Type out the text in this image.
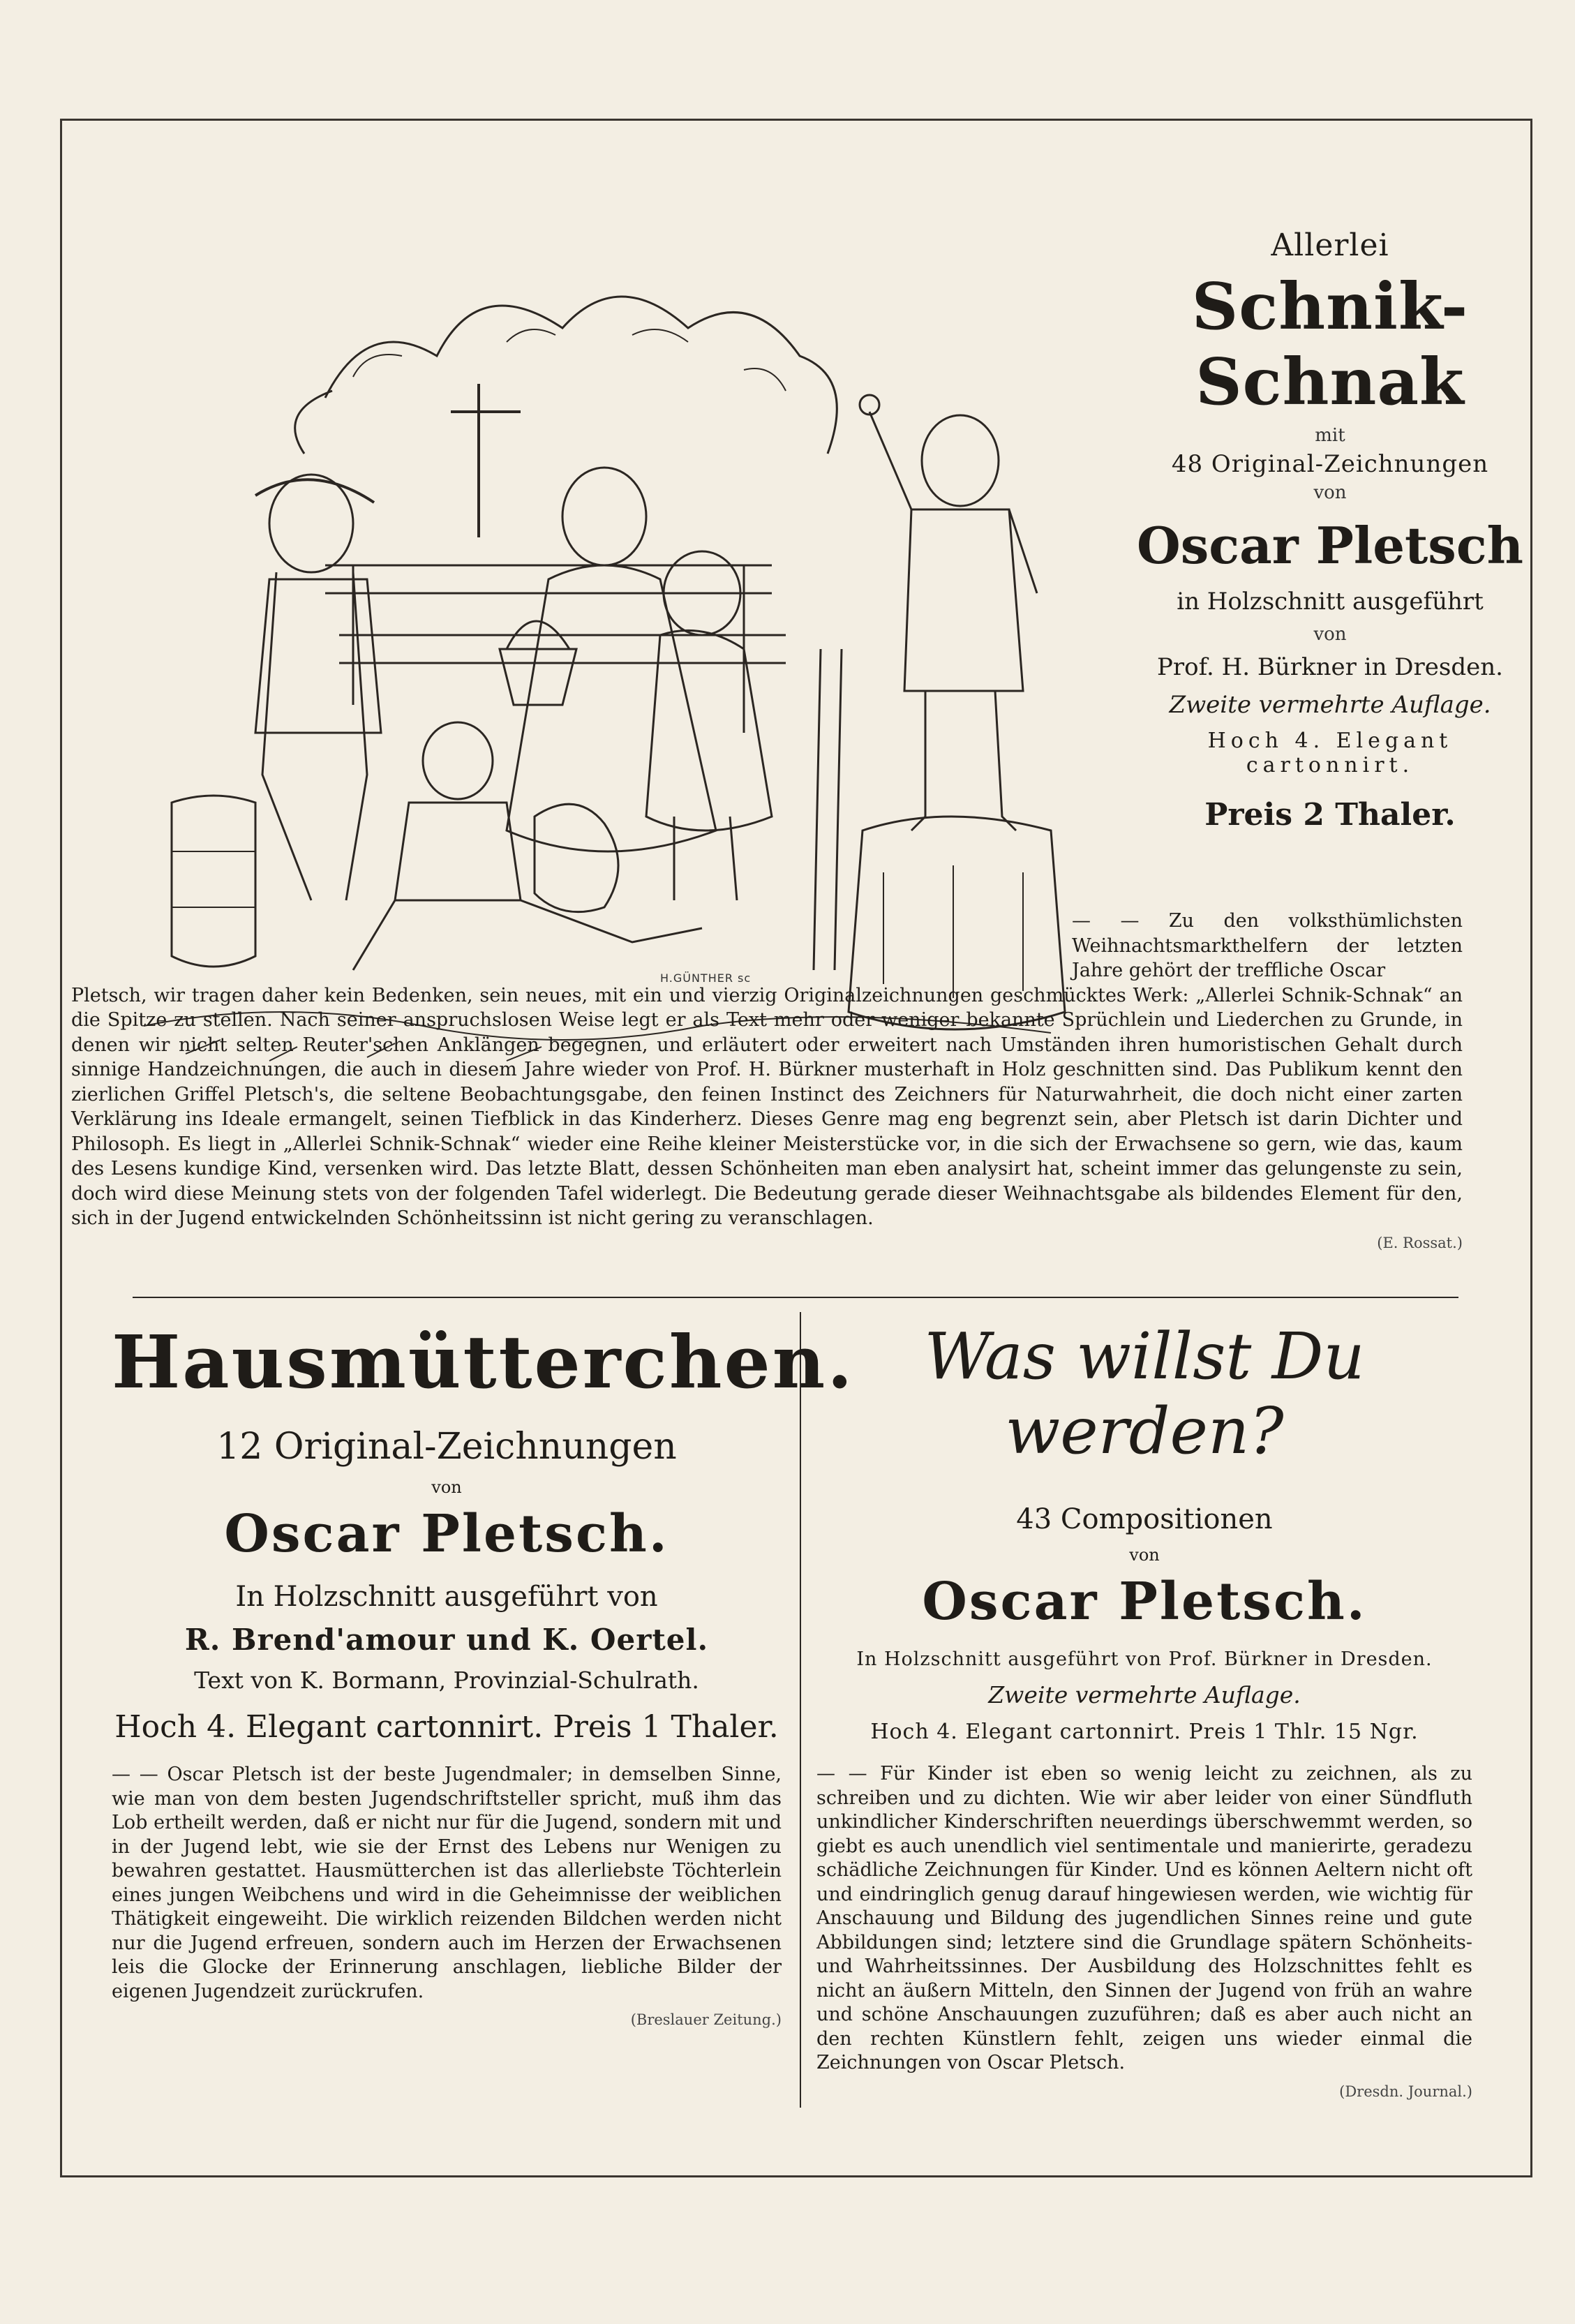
H.GÜNTHER sc
Allerlei
Schnik-Schnak
mit
48 Original-Zeichnungen
von
Oscar Pletsch
in Holzschnitt ausgeführt
von
Prof. H. Bürkner in Dresden.
Zweite vermehrte Auflage.
Hoch 4. Elegant cartonnirt.
Preis 2 Thaler.
— — Zu den volksthümlichsten Weihnachtsmarkthelfern der letzten Jahre gehört der treffliche Oscar
Pletsch, wir tragen daher kein Bedenken, sein neues, mit ein und vierzig Originalzeichnungen geschmücktes Werk: „Allerlei Schnik-Schnak“ an die Spitze zu stellen. Nach seiner anspruchslosen Weise legt er als Text mehr oder weniger bekannte Sprüchlein und Liederchen zu Grunde, in denen wir nicht selten Reuter'schen Anklängen begegnen, und erläutert oder erweitert nach Umständen ihren humoristischen Gehalt durch sinnige Handzeichnungen, die auch in diesem Jahre wieder von Prof. H. Bürkner musterhaft in Holz geschnitten sind. Das Publikum kennt den zierlichen Griffel Pletsch's, die seltene Beobachtungsgabe, den feinen Instinct des Zeichners für Naturwahrheit, die doch nicht einer zarten Verklärung ins Ideale ermangelt, seinen Tiefblick in das Kinderherz. Dieses Genre mag eng begrenzt sein, aber Pletsch ist darin Dichter und Philosoph. Es liegt in „Allerlei Schnik-Schnak“ wieder eine Reihe kleiner Meisterstücke vor, in die sich der Erwachsene so gern, wie das, kaum des Lesens kundige Kind, versenken wird. Das letzte Blatt, dessen Schönheiten man eben analysirt hat, scheint immer das gelungenste zu sein, doch wird diese Meinung stets von der folgenden Tafel widerlegt. Die Bedeutung gerade dieser Weihnachtsgabe als bildendes Element für den, sich in der Jugend entwickelnden Schönheitssinn ist nicht gering zu veranschlagen.
(E. Rossat.)
Hausmütterchen.
12 Original-Zeichnungen
von
Oscar Pletsch.
In Holzschnitt ausgeführt von
R. Brend'amour und K. Oertel.
Text von K. Bormann, Provinzial-Schulrath.
Hoch 4. Elegant cartonnirt. Preis 1 Thaler.
— — Oscar Pletsch ist der beste Jugendmaler; in demselben Sinne, wie man von dem besten Jugendschriftsteller spricht, muß ihm das Lob ertheilt werden, daß er nicht nur für die Jugend, sondern mit und in der Jugend lebt, wie sie der Ernst des Lebens nur Wenigen zu bewahren gestattet. Hausmütterchen ist das allerliebste Töchterlein eines jungen Weibchens und wird in die Geheimnisse der weiblichen Thätigkeit eingeweiht. Die wirklich reizenden Bildchen werden nicht nur die Jugend erfreuen, sondern auch im Herzen der Erwachsenen leis die Glocke der Erinnerung anschlagen, liebliche Bilder der eigenen Jugendzeit zurückrufen.
(Breslauer Zeitung.)
Was willst Du werden?
43 Compositionen
von
Oscar Pletsch.
In Holzschnitt ausgeführt von Prof. Bürkner in Dresden.
Zweite vermehrte Auflage.
Hoch 4. Elegant cartonnirt. Preis 1 Thlr. 15 Ngr.
— — Für Kinder ist eben so wenig leicht zu zeichnen, als zu schreiben und zu dichten. Wie wir aber leider von einer Sündfluth unkindlicher Kinderschriften neuerdings überschwemmt werden, so giebt es auch unendlich viel sentimentale und manierirte, geradezu schädliche Zeichnungen für Kinder. Und es können Aeltern nicht oft und eindringlich genug darauf hingewiesen werden, wie wichtig für Anschauung und Bildung des jugendlichen Sinnes reine und gute Abbildungen sind; letztere sind die Grundlage spätern Schönheits- und Wahrheitssinnes. Der Ausbildung des Holzschnittes fehlt es nicht an äußern Mitteln, den Sinnen der Jugend von früh an wahre und schöne Anschauungen zuzuführen; daß es aber auch nicht an den rechten Künstlern fehlt, zeigen uns wieder einmal die Zeichnungen von Oscar Pletsch.
(Dresdn. Journal.)
